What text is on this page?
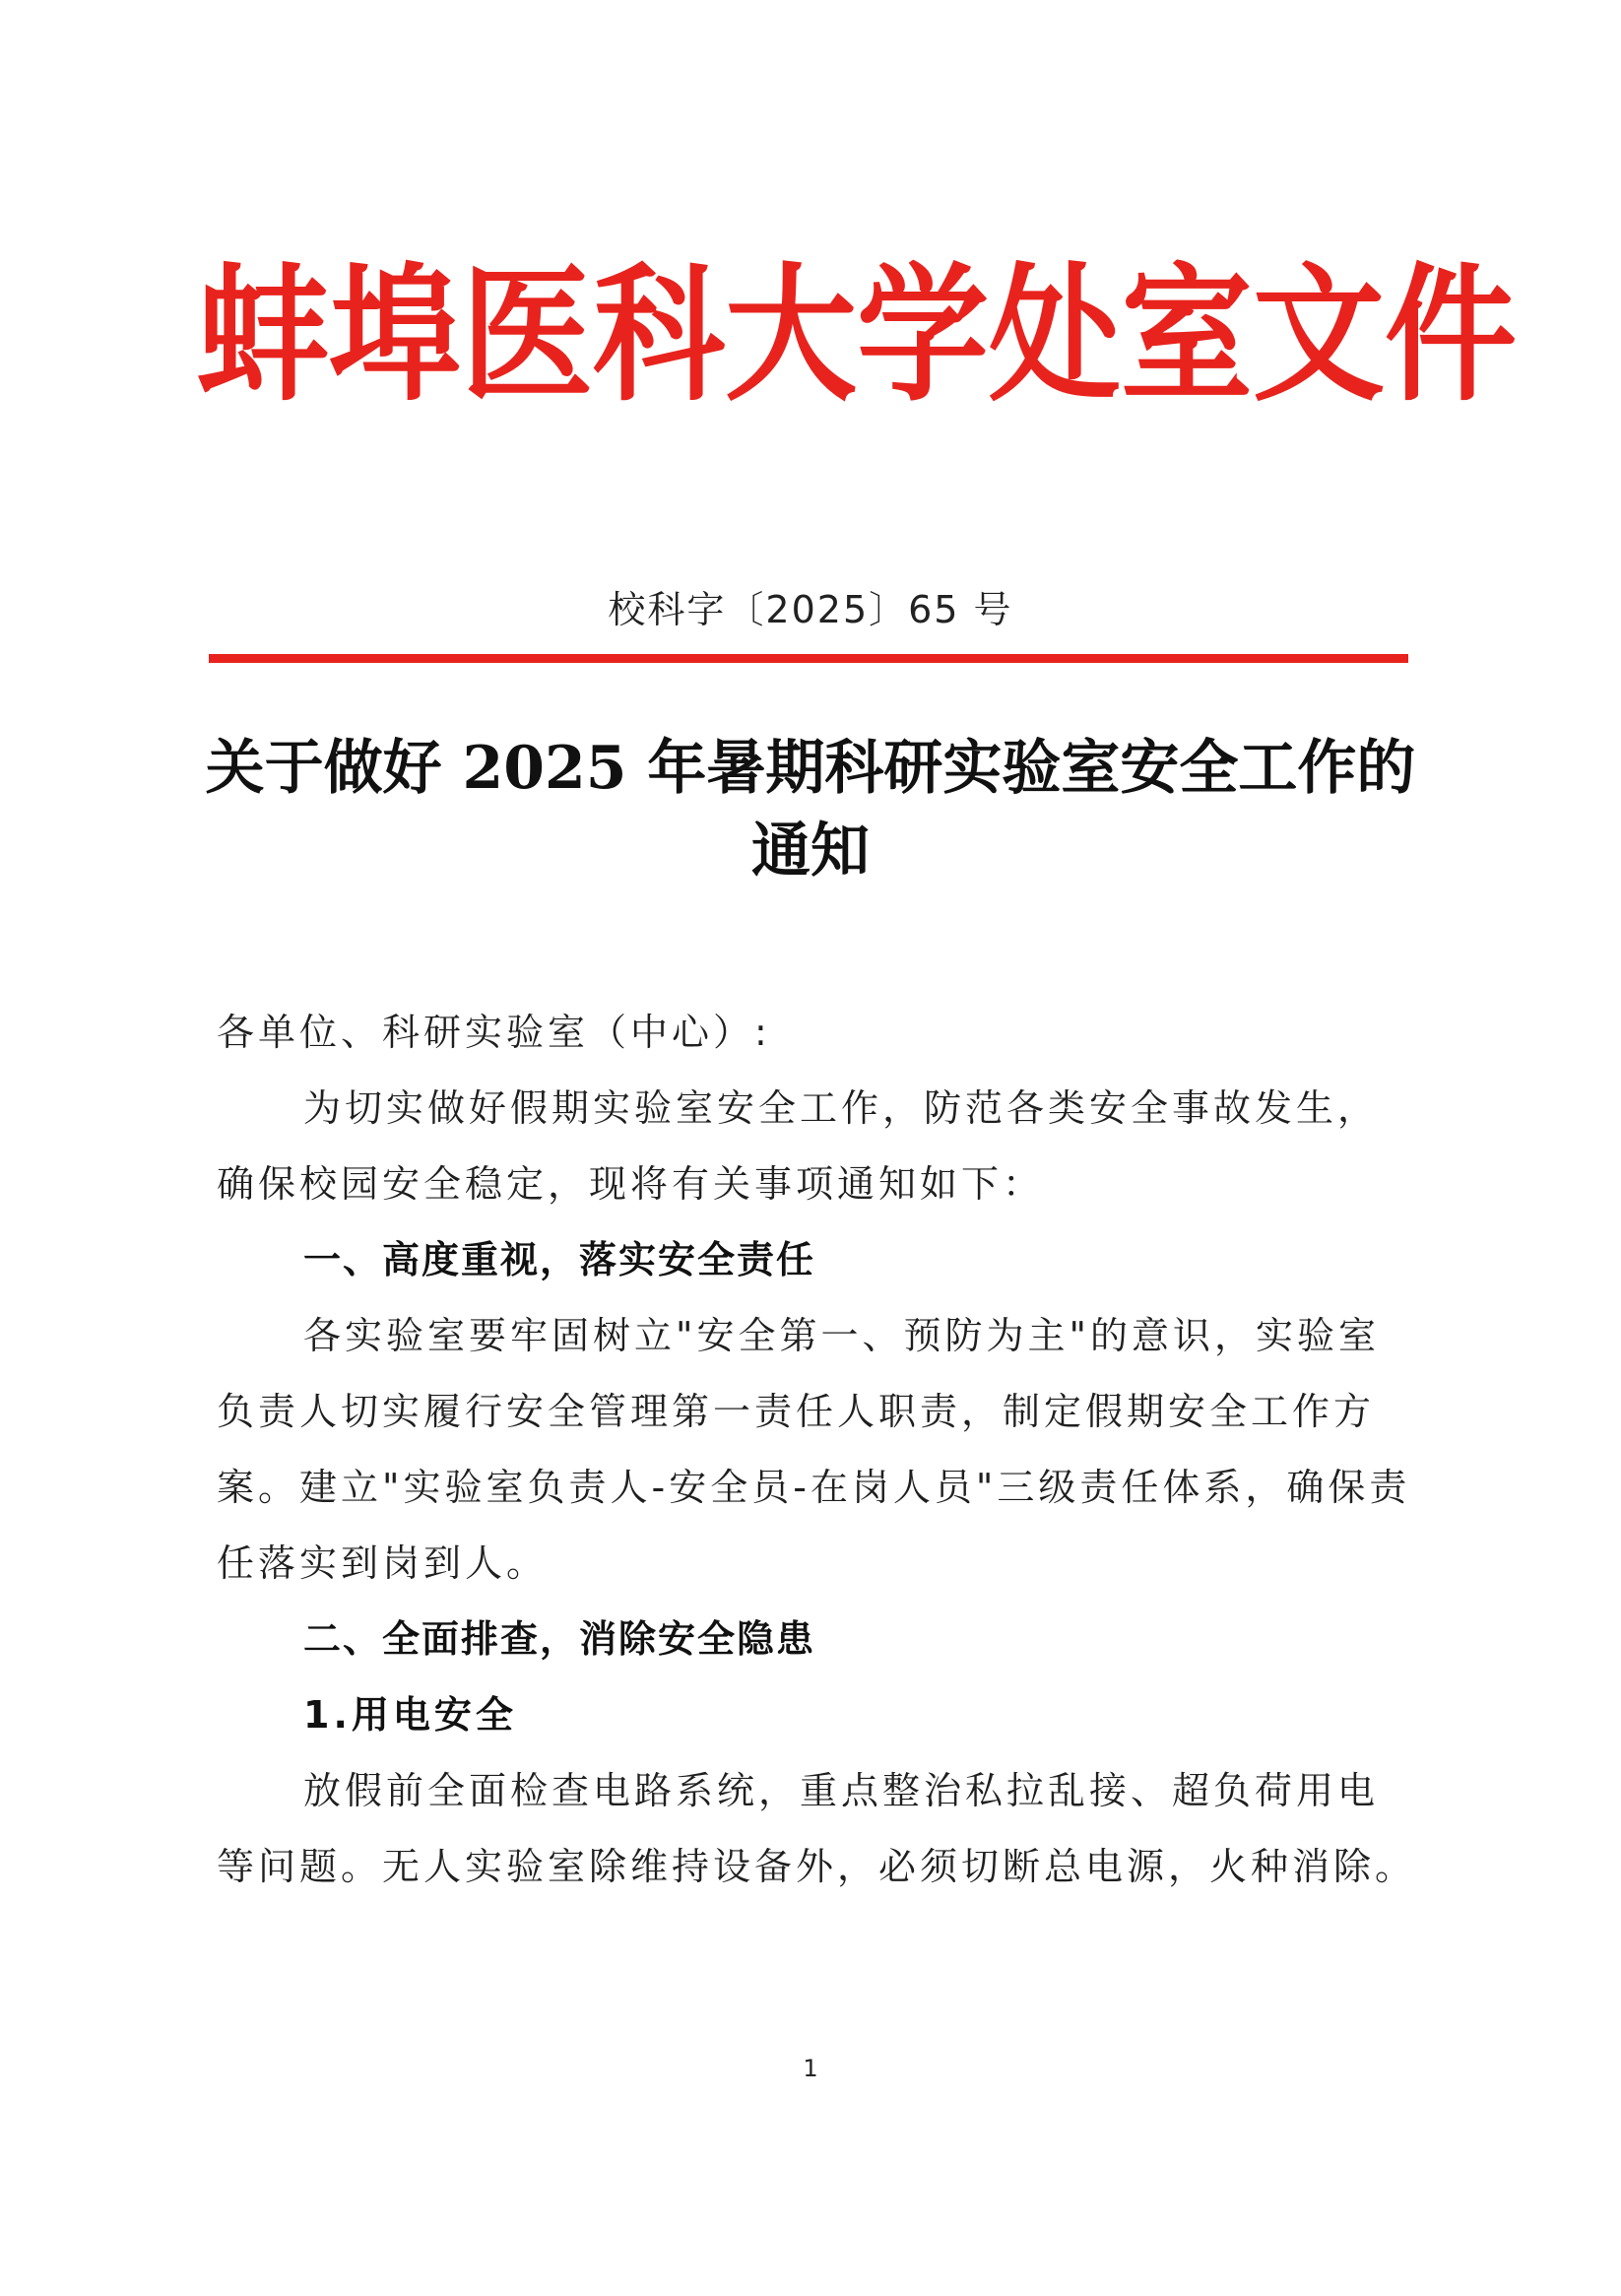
蚌埠医科大学处室文件
校科字〔2025〕65 号
关于做好 2025 年暑期科研实验室安全工作的
通知

各单位、科研实验室（中心）:

为切实做好假期实验室安全工作，防范各类安全事故发生，确保校园安全稳定，现将有关事项通知如下：

一、高度重视，落实安全责任

各实验室要牢固树立"安全第一、预防为主"的意识，实验室负责人切实履行安全管理第一责任人职责，制定假期安全工作方案。建立"实验室负责人-安全员-在岗人员"三级责任体系，确保责任落实到岗到人。

二、全面排查，消除安全隐患

1.用电安全

放假前全面检查电路系统，重点整治私拉乱接、超负荷用电等问题。无人实验室除维持设备外，必须切断总电源，火种消除。

1
